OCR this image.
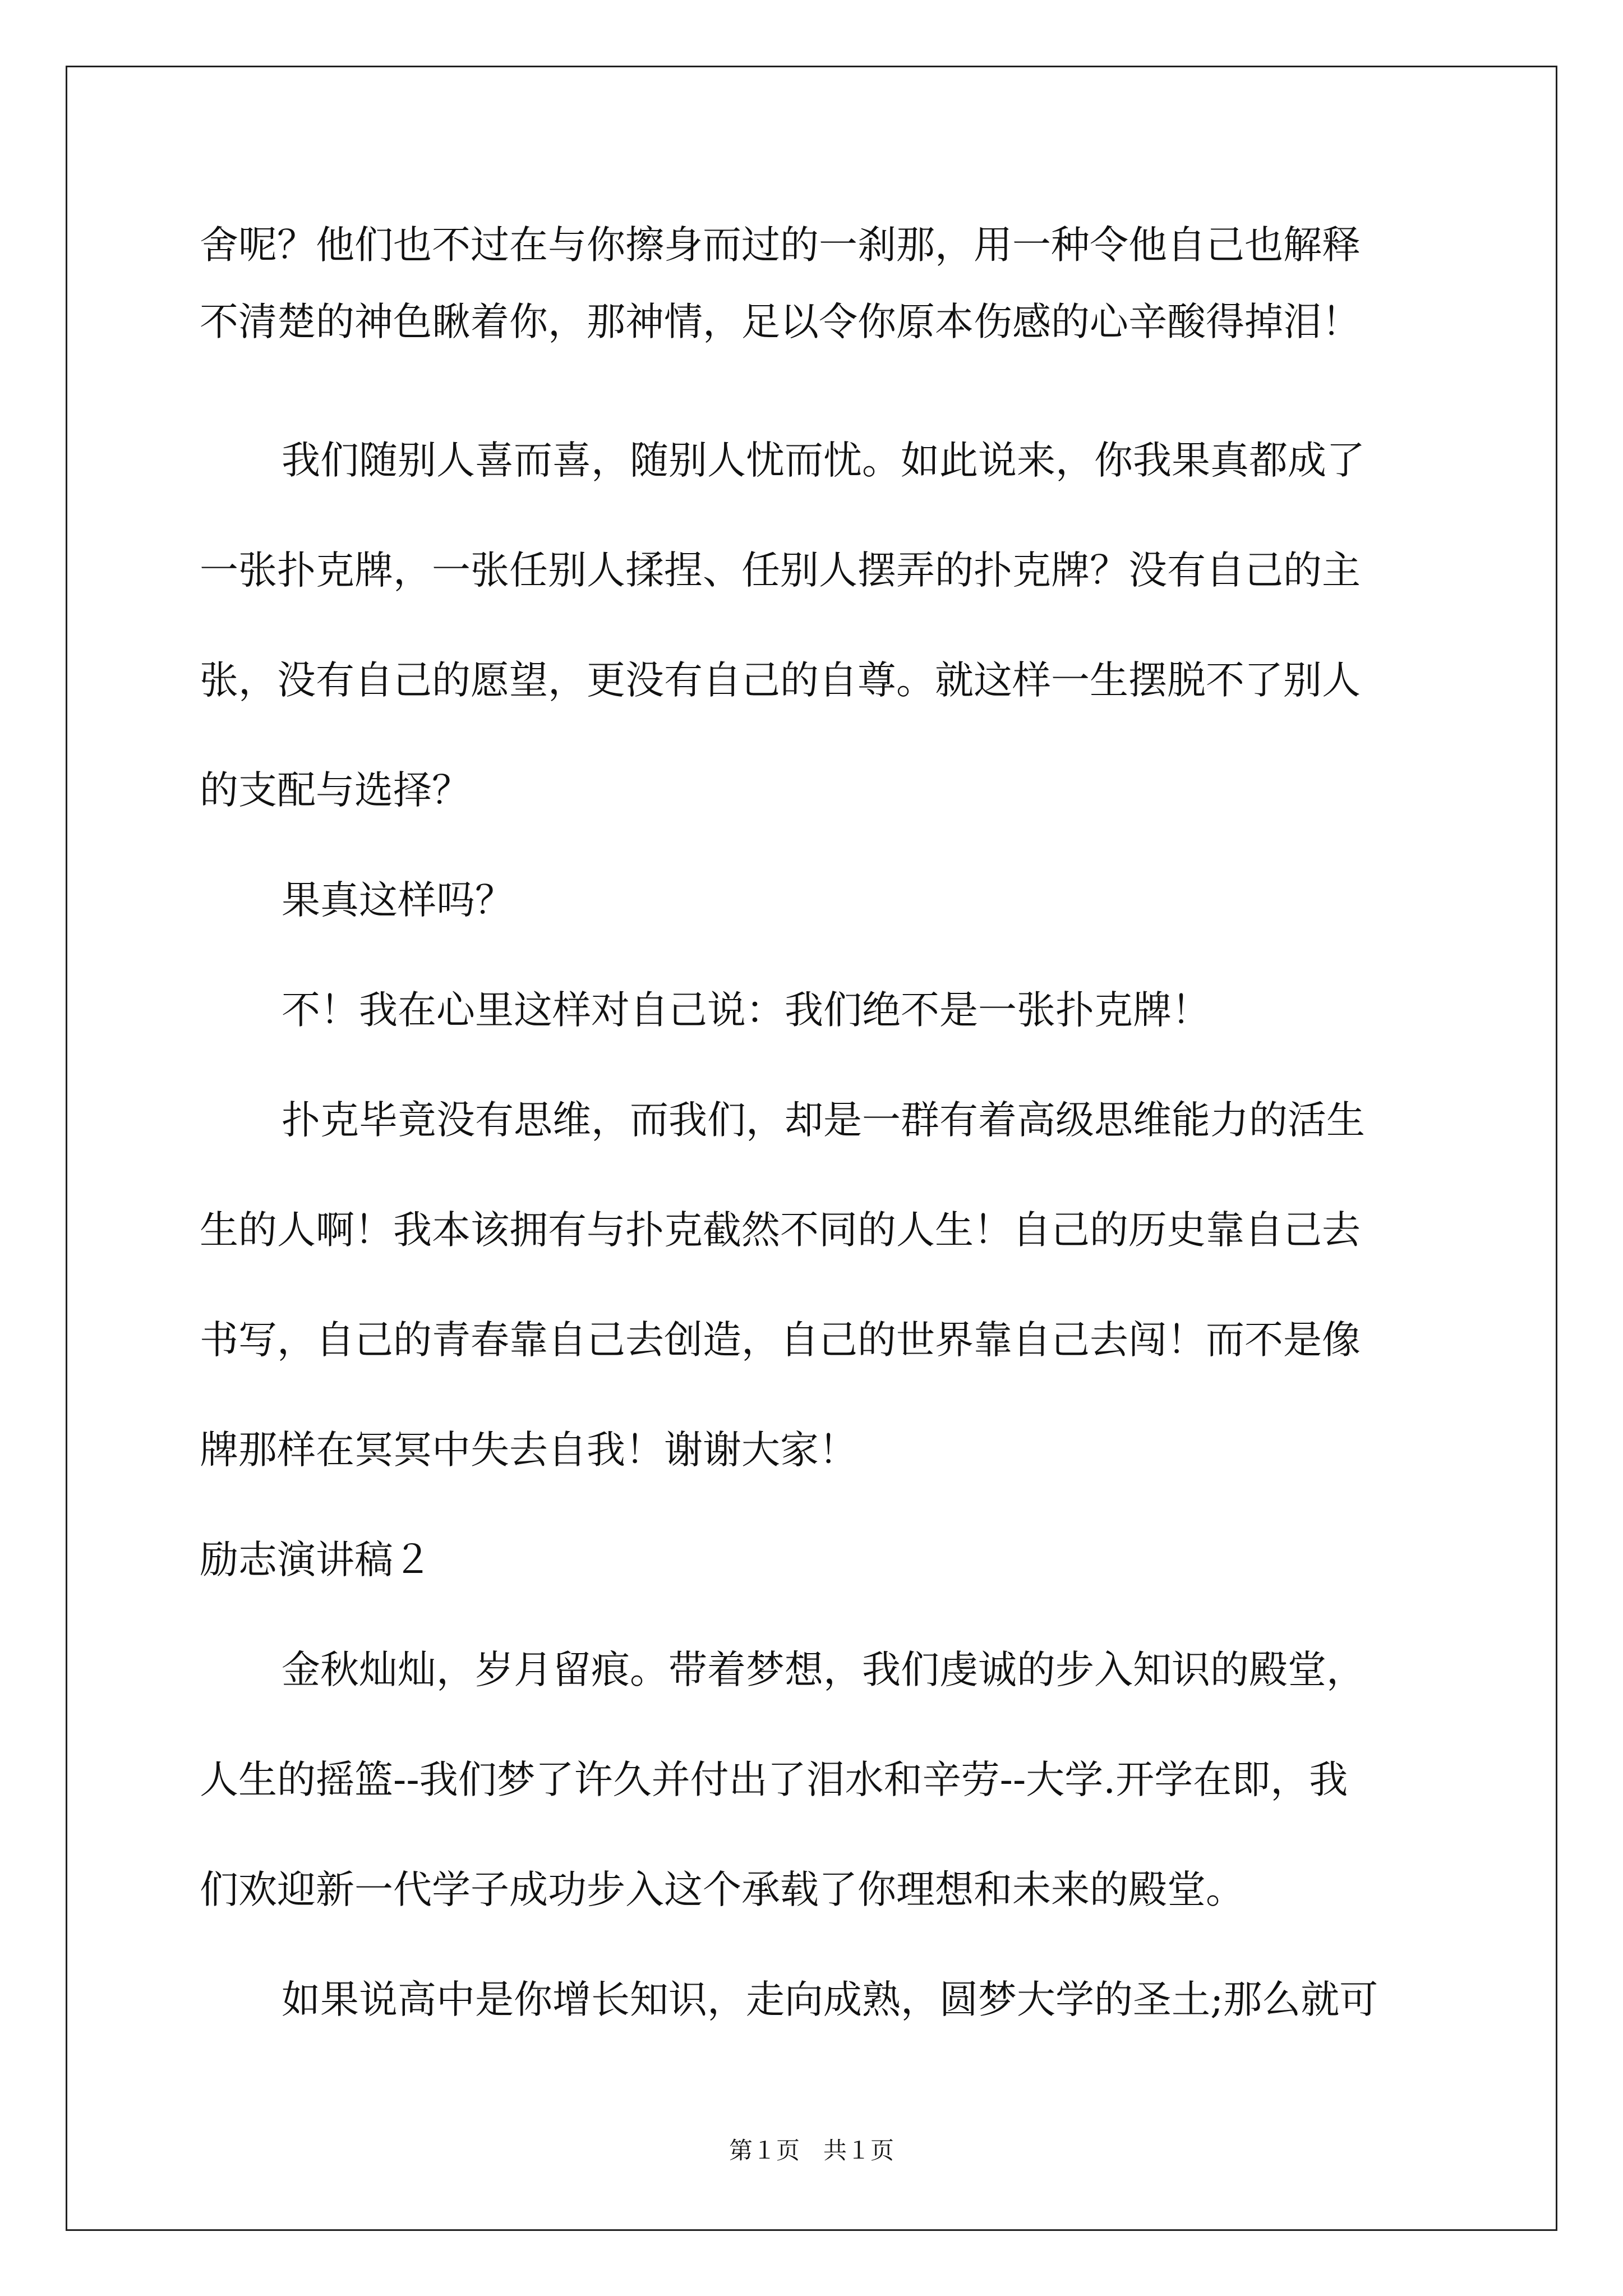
舍呢？他们也不过在与你擦身而过的一刹那，用一种令他自己也解释
不清楚的神色瞅着你，那神情，足以令你原本伤感的心辛酸得掉泪！
我们随别人喜而喜，随别人忧而忧。如此说来，你我果真都成了
一张扑克牌，一张任别人揉捏、任别人摆弄的扑克牌？没有自己的主
张，没有自己的愿望，更没有自己的自尊。就这样一生摆脱不了别人
的支配与选择？
果真这样吗？
不！我在心里这样对自己说：我们绝不是一张扑克牌！
扑克毕竟没有思维，而我们，却是一群有着高级思维能力的活生
生的人啊！我本该拥有与扑克截然不同的人生！自己的历史靠自己去
书写，自己的青春靠自己去创造，自己的世界靠自己去闯！而不是像
牌那样在冥冥中失去自我！谢谢大家！
励志演讲稿２
金秋灿灿，岁月留痕。带着梦想，我们虔诚的步入知识的殿堂，
人生的摇篮--我们梦了许久并付出了泪水和辛劳--大学.开学在即，我
们欢迎新一代学子成功步入这个承载了你理想和未来的殿堂。
如果说高中是你增长知识，走向成熟，圆梦大学的圣土;那么就可
第１页　共１页
